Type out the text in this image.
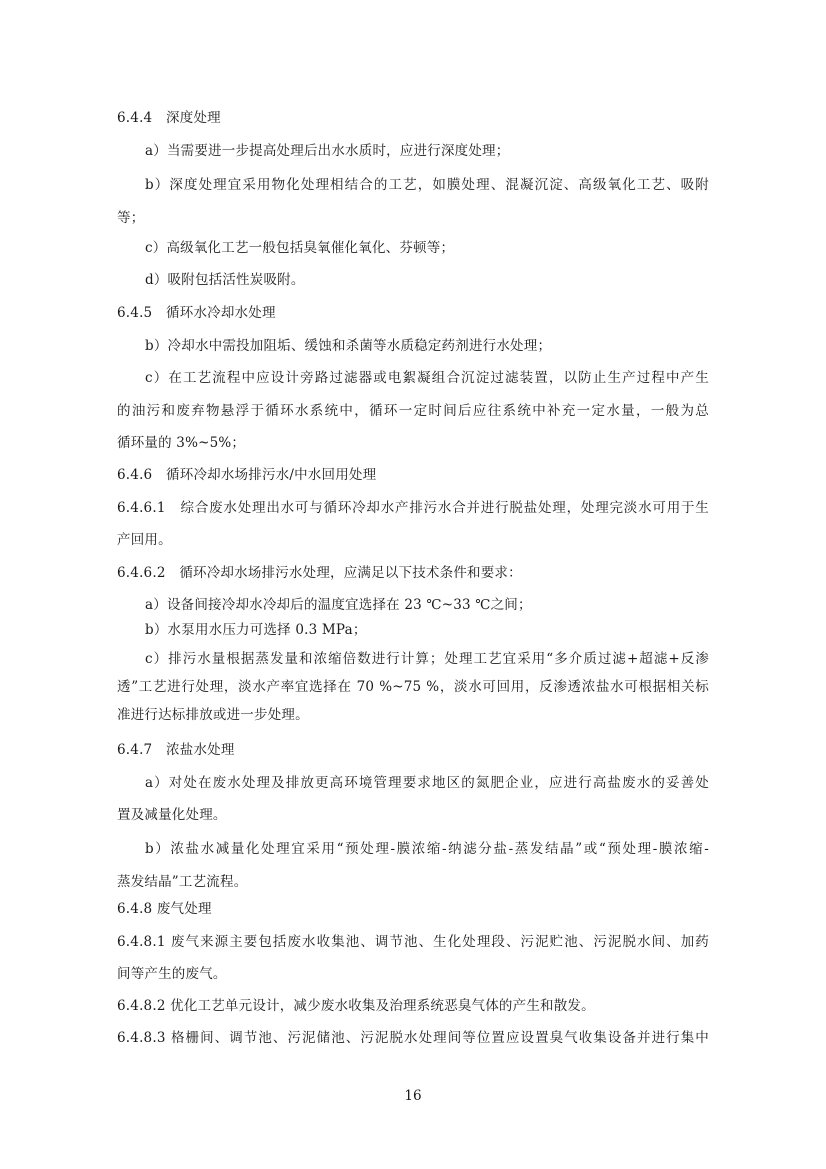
6.4.4　深度处理
a）当需要进一步提高处理后出水水质时，应进行深度处理；
b）深度处理宜采用物化处理相结合的工艺，如膜处理、混凝沉淀、高级氧化工艺、吸附
等；
c）高级氧化工艺一般包括臭氧催化氧化、芬顿等；
d）吸附包括活性炭吸附。
6.4.5　循环水冷却水处理
b）冷却水中需投加阻垢、缓蚀和杀菌等水质稳定药剂进行水处理；
c）在工艺流程中应设计旁路过滤器或电絮凝组合沉淀过滤装置，以防止生产过程中产生
的油污和废弃物悬浮于循环水系统中，循环一定时间后应往系统中补充一定水量，一般为总
循环量的 3%~5%；
6.4.6　循环冷却水场排污水/中水回用处理
6.4.6.1　综合废水处理出水可与循环冷却水产排污水合并进行脱盐处理，处理完淡水可用于生
产回用。
6.4.6.2　循环冷却水场排污水处理，应满足以下技术条件和要求：
a）设备间接冷却水冷却后的温度宜选择在 23 ℃~33 ℃之间；
b）水泵用水压力可选择 0.3 MPa；
c）排污水量根据蒸发量和浓缩倍数进行计算；处理工艺宜采用“多介质过滤+超滤+反渗
透”工艺进行处理，淡水产率宜选择在 70 %~75 %，淡水可回用，反渗透浓盐水可根据相关标
准进行达标排放或进一步处理。
6.4.7　浓盐水处理
a）对处在废水处理及排放更高环境管理要求地区的氮肥企业，应进行高盐废水的妥善处
置及减量化处理。
b）浓盐水减量化处理宜采用“预处理-膜浓缩-纳滤分盐-蒸发结晶”或“预处理-膜浓缩-
蒸发结晶”工艺流程。
6.4.8 废气处理
6.4.8.1 废气来源主要包括废水收集池、调节池、生化处理段、污泥贮池、污泥脱水间、加药
间等产生的废气。
6.4.8.2 优化工艺单元设计，减少废水收集及治理系统恶臭气体的产生和散发。
6.4.8.3 格栅间、调节池、污泥储池、污泥脱水处理间等位置应设置臭气收集设备并进行集中
16
